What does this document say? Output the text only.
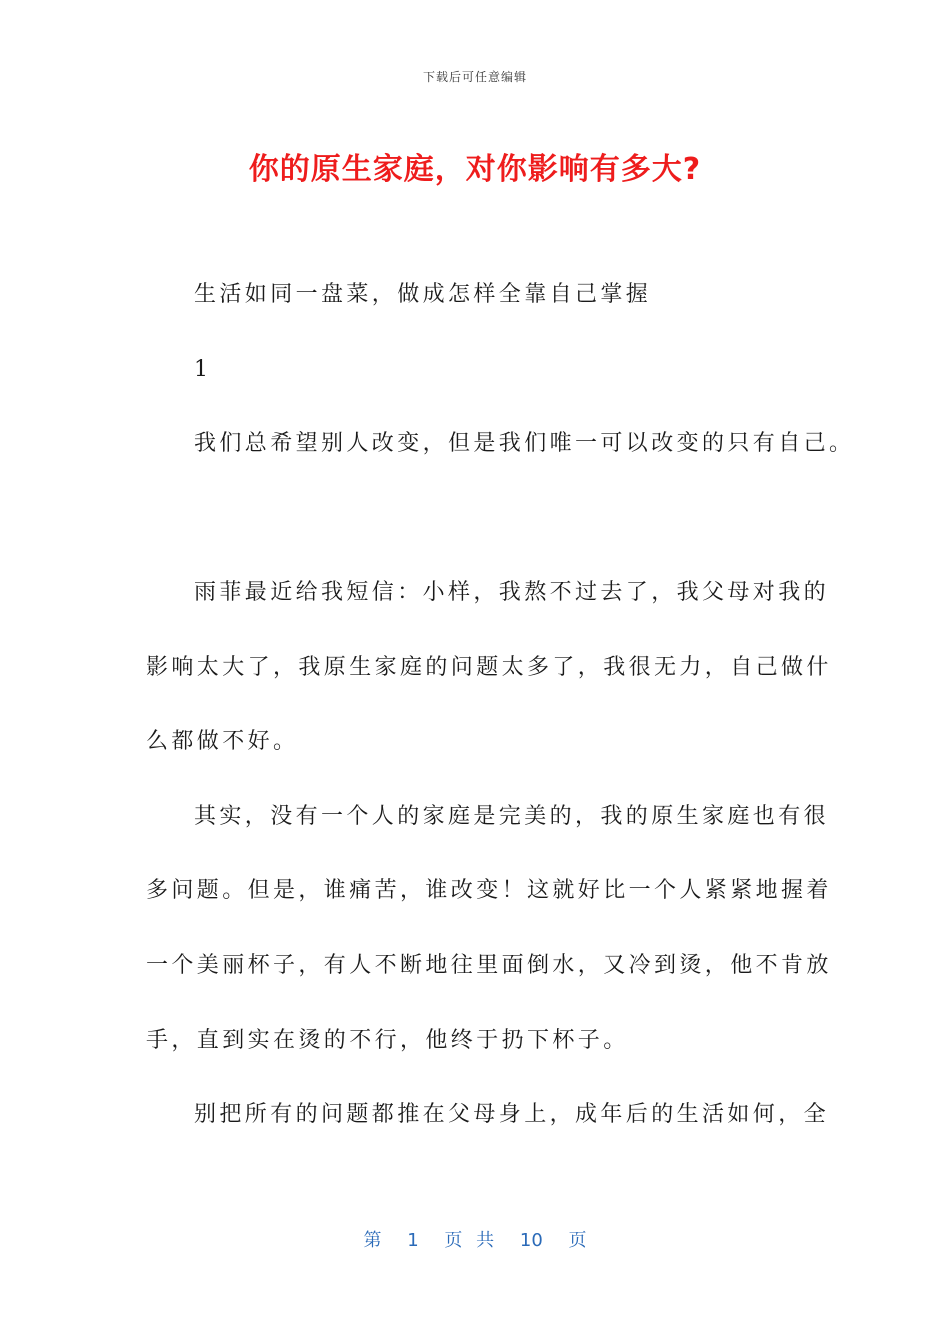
下载后可任意编辑
你的原生家庭，对你影响有多大?
生活如同一盘菜，做成怎样全靠自己掌握
1
我们总希望别人改变，但是我们唯一可以改变的只有自己。
雨菲最近给我短信：小样，我熬不过去了，我父母对我的
影响太大了，我原生家庭的问题太多了，我很无力，自己做什
么都做不好。
其实，没有一个人的家庭是完美的，我的原生家庭也有很
多问题。但是，谁痛苦，谁改变！这就好比一个人紧紧地握着
一个美丽杯子，有人不断地往里面倒水，又冷到烫，他不肯放
手，直到实在烫的不行，他终于扔下杯子。
别把所有的问题都推在父母身上，成年后的生活如何，全
第 1 页 共 10 页
